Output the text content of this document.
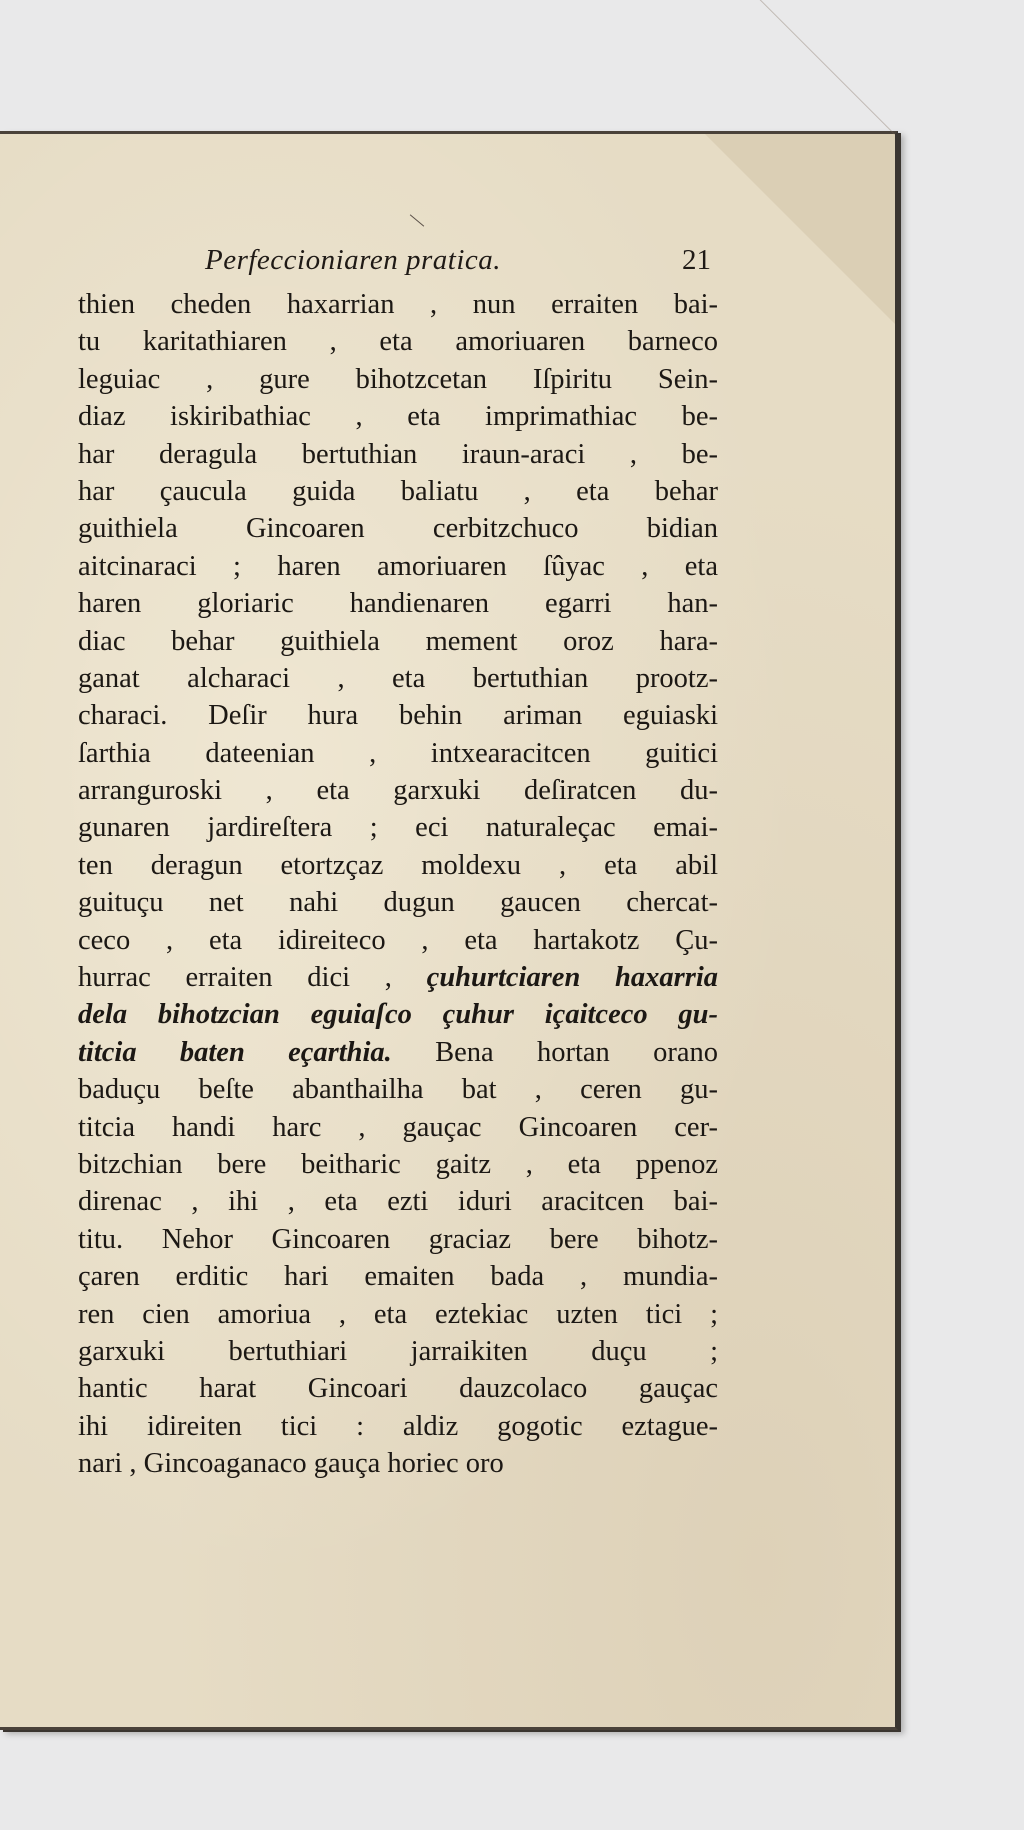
Perfeccioniaren pratica.	21
thien cheden haxarrian , nun erraiten bai-
tu karitathiaren , eta amoriuaren barneco
leguiac , gure bihotzcetan Iſpiritu Sein-
diaz iskiribathiac , eta imprimathiac be-
har deragula bertuthian iraun-araci , be-
har çaucula guida baliatu , eta behar
guithiela Gincoaren cerbitzchuco bidian
aitcinaraci ; haren amoriuaren ſûyac , eta
haren gloriaric handienaren egarri han-
diac behar guithiela mement oroz hara-
ganat alcharaci , eta bertuthian prootz-
characi. Deſir hura behin ariman eguiaski
ſarthia dateenian , intxearacitcen guitici
arranguroski , eta garxuki deſiratcen du-
gunaren jardireſtera ; eci naturaleçac emai-
ten deragun etortzçaz moldexu , eta abil
guituçu net nahi dugun gaucen chercat-
ceco , eta idireiteco , eta hartakotz Çu-
hurrac erraiten dici , çuhurtciaren haxarria
dela bihotzcian eguiaſco çuhur içaitceco gu-
titcia baten eçarthia. Bena hortan orano
baduçu beſte abanthailha bat , ceren gu-
titcia handi harc , gauçac Gincoaren cer-
bitzchian bere beitharic gaitz , eta ppenoz
direnac , ihi , eta ezti iduri aracitcen bai-
titu. Nehor Gincoaren graciaz bere bihotz-
çaren erditic hari emaiten bada , mundia-
ren cien amoriua , eta eztekiac uzten tici ;
garxuki bertuthiari jarraikiten duçu ;
hantic harat Gincoari dauzcolaco gauçac
ihi idireiten tici : aldiz gogotic eztague-
nari , Gincoaganaco gauça horiec oro
